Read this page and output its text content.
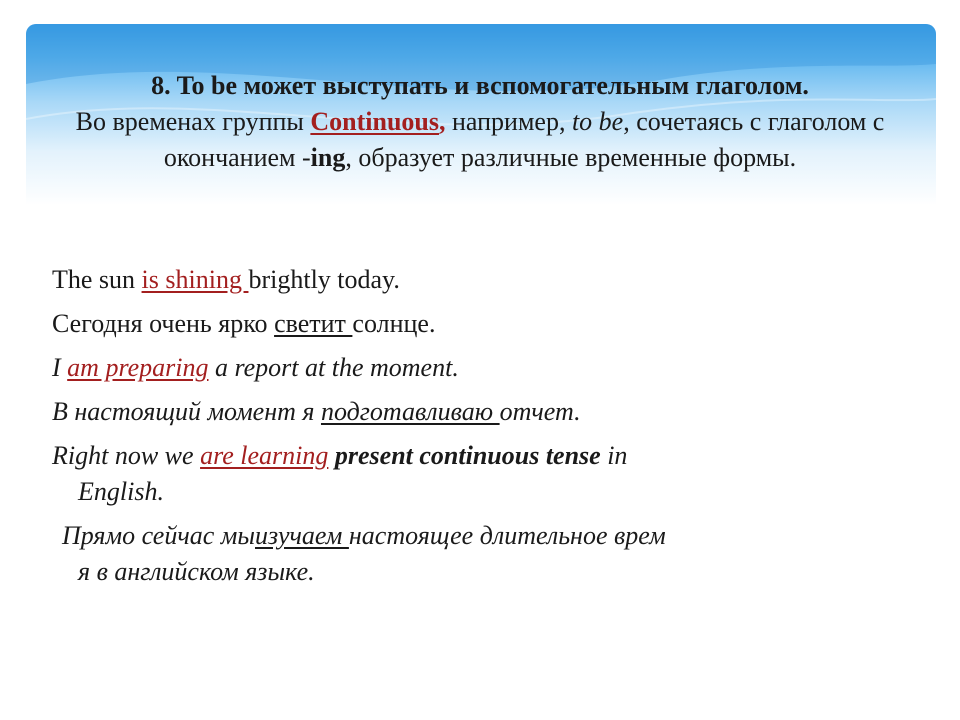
8. To be может выступать и вспомогательным глаголом.
Во временах группы Continuous, например, to be, сочетаясь с глаголом с окончанием -ing, образует различные временные формы.
The sun is shining brightly today.
Сегодня очень ярко светит солнце.
I am preparing a report at the moment.
В настоящий момент я подготавливаю отчет.
Right now we are learning present continuous tense in
English.
Прямо сейчас мыизучаем настоящее длительное врем
я в английском языке.
